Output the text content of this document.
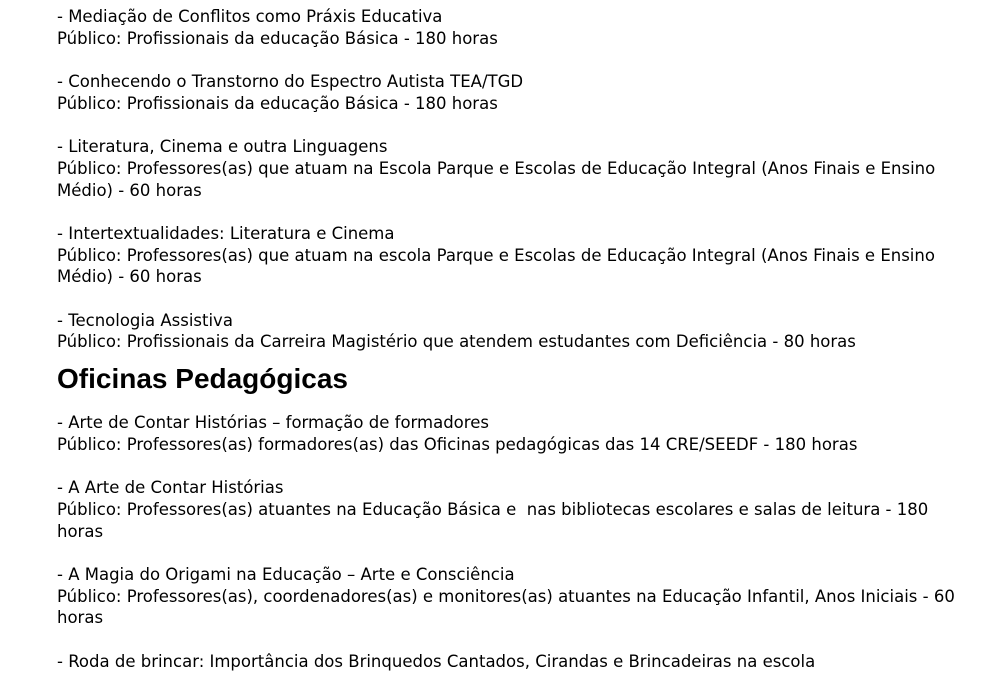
- Mediação de Conflitos como Práxis Educativa

Público: Profissionais da educação Básica - 180 horas

- Conhecendo o Transtorno do Espectro Autista TEA/TGD

Público: Profissionais da educação Básica - 180 horas

- Literatura, Cinema e outra Linguagens

Público: Professores(as) que atuam na Escola Parque e Escolas de Educação Integral (Anos Finais e Ensino Médio) - 60 horas

- Intertextualidades: Literatura e Cinema

Público: Professores(as) que atuam na escola Parque e Escolas de Educação Integral (Anos Finais e Ensino Médio) - 60 horas

- Tecnologia Assistiva

Público: Profissionais da Carreira Magistério que atendem estudantes com Deficiência - 80 horas

Oficinas Pedagógicas

- Arte de Contar Histórias – formação de formadores

Público: Professores(as) formadores(as) das Oficinas pedagógicas das 14 CRE/SEEDF - 180 horas

- A Arte de Contar Histórias

Público: Professores(as) atuantes na Educação Básica e  nas bibliotecas escolares e salas de leitura - 180 horas

- A Magia do Origami na Educação – Arte e Consciência

Público: Professores(as), coordenadores(as) e monitores(as) atuantes na Educação Infantil, Anos Iniciais - 60 horas

- Roda de brincar: Importância dos Brinquedos Cantados, Cirandas e Brincadeiras na escola
